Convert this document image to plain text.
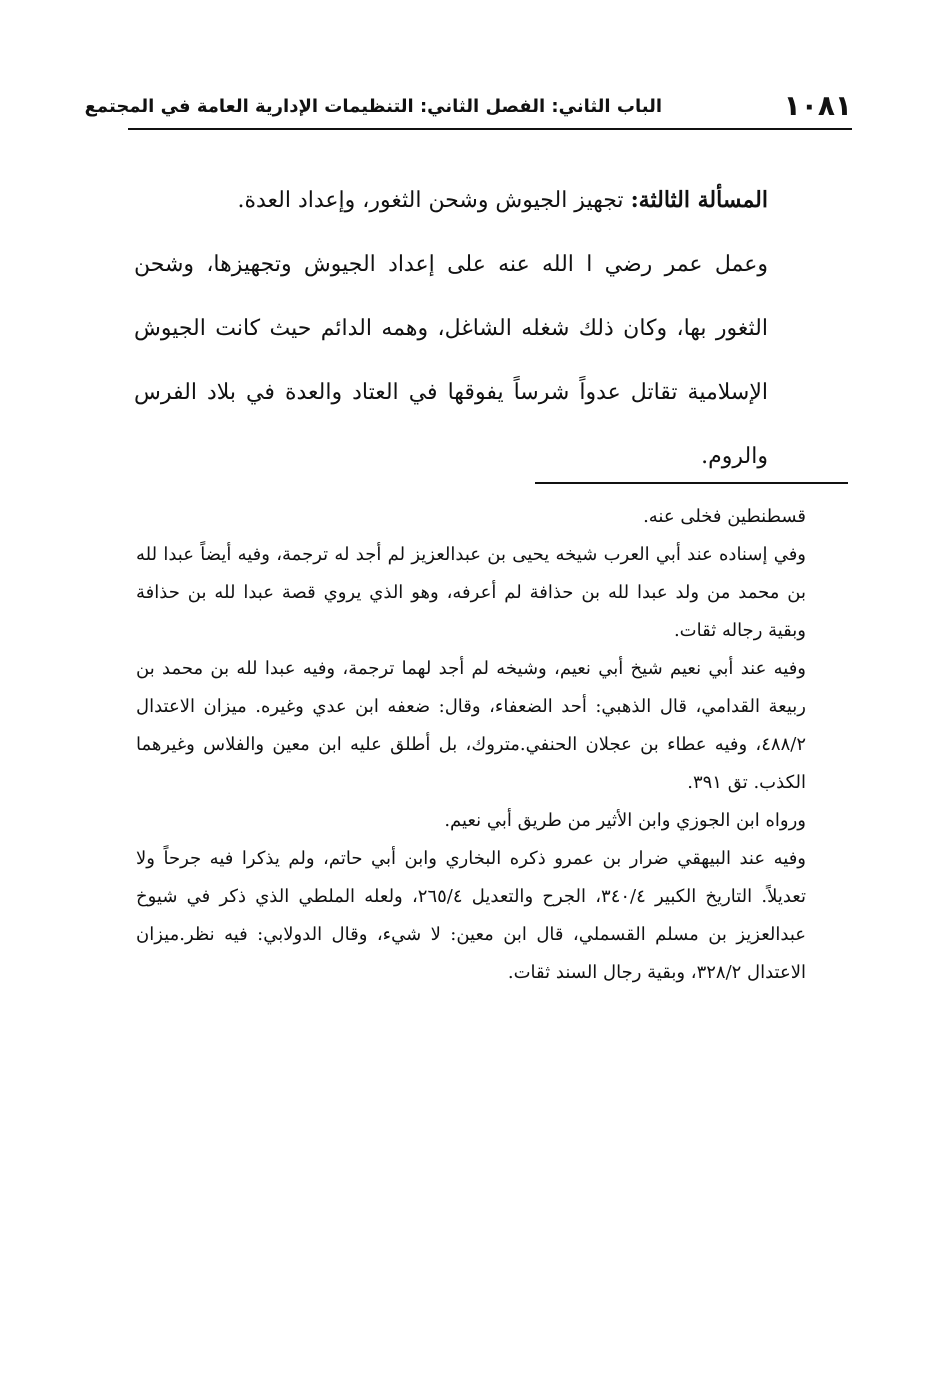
١٠٨١
الباب الثاني: الفصل الثاني: التنظيمات الإدارية العامة في المجتمع

المسألة الثالثة: تجهيز الجيوش وشحن الثغور، وإعداد العدة.

وعمل عمر رضي ا الله عنه على إعداد الجيوش وتجهيزها، وشحن الثغور بها، وكان ذلك شغله الشاغل، وهمه الدائم حيث كانت الجيوش الإسلامية تقاتل عدواً شرساً يفوقها في العتاد والعدة في بلاد الفرس والروم.

قسطنطين فخلى عنه.

وفي إسناده عند أبي العرب شيخه يحيى بن عبدالعزيز لم أجد له ترجمة، وفيه أيضاً عبدا لله بن محمد من ولد عبدا لله بن حذافة لم أعرفه، وهو الذي يروي قصة عبدا لله بن حذافة وبقية رجاله ثقات.

وفيه عند أبي نعيم شيخ أبي نعيم، وشيخه لم أجد لهما ترجمة، وفيه عبدا لله بن محمد بن ربيعة القدامي، قال الذهبي: أحد الضعفاء، وقال: ضعفه ابن عدي وغيره. ميزان الاعتدال ٤٨٨/٢، وفيه عطاء بن عجلان الحنفي.متروك، بل أطلق عليه ابن معين والفلاس وغيرهما الكذب. تق ٣٩١.

ورواه ابن الجوزي وابن الأثير من طريق أبي نعيم.

وفيه عند البيهقي ضرار بن عمرو ذكره البخاري وابن أبي حاتم، ولم يذكرا فيه جرحاً ولا تعديلاً. التاريخ الكبير ٣٤٠/٤، الجرح والتعديل ٢٦٥/٤، ولعله الملطي الذي ذكر في شيوخ عبدالعزيز بن مسلم القسملي، قال ابن معين: لا شيء، وقال الدولابي: فيه نظر.ميزان الاعتدال ٣٢٨/٢، وبقية رجال السند ثقات.
